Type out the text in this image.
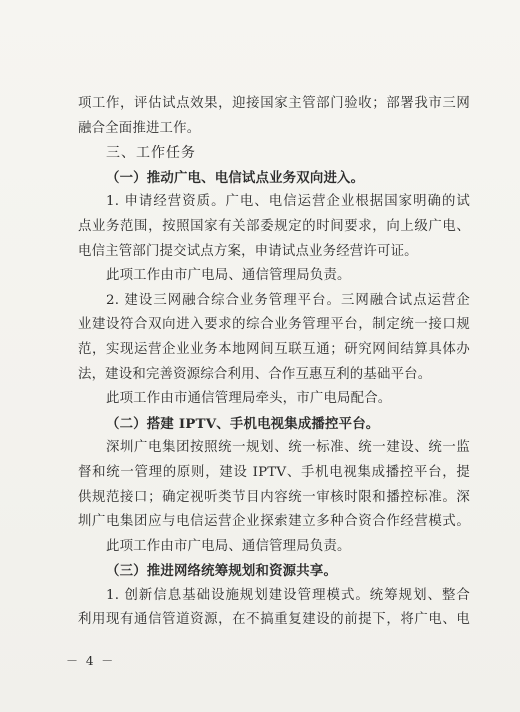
项工作，评估试点效果，迎接国家主管部门验收；部署我市三网
融合全面推进工作。
三、工作任务
（一）推动广电、电信试点业务双向进入。
1. 申请经营资质。广电、电信运营企业根据国家明确的试
点业务范围，按照国家有关部委规定的时间要求，向上级广电、
电信主管部门提交试点方案，申请试点业务经营许可证。
此项工作由市广电局、通信管理局负责。
2. 建设三网融合综合业务管理平台。三网融合试点运营企
业建设符合双向进入要求的综合业务管理平台，制定统一接口规
范，实现运营企业业务本地网间互联互通；研究网间结算具体办
法，建设和完善资源综合利用、合作互惠互利的基础平台。
此项工作由市通信管理局牵头，市广电局配合。
（二）搭建 IPTV、手机电视集成播控平台。
深圳广电集团按照统一规划、统一标准、统一建设、统一监
督和统一管理的原则，建设 IPTV、手机电视集成播控平台，提
供规范接口；确定视听类节目内容统一审核时限和播控标准。深
圳广电集团应与电信运营企业探索建立多种合资合作经营模式。
此项工作由市广电局、通信管理局负责。
（三）推进网络统筹规划和资源共享。
1. 创新信息基础设施规划建设管理模式。统筹规划、整合
利用现有通信管道资源，在不搞重复建设的前提下，将广电、电
－ 4 －
